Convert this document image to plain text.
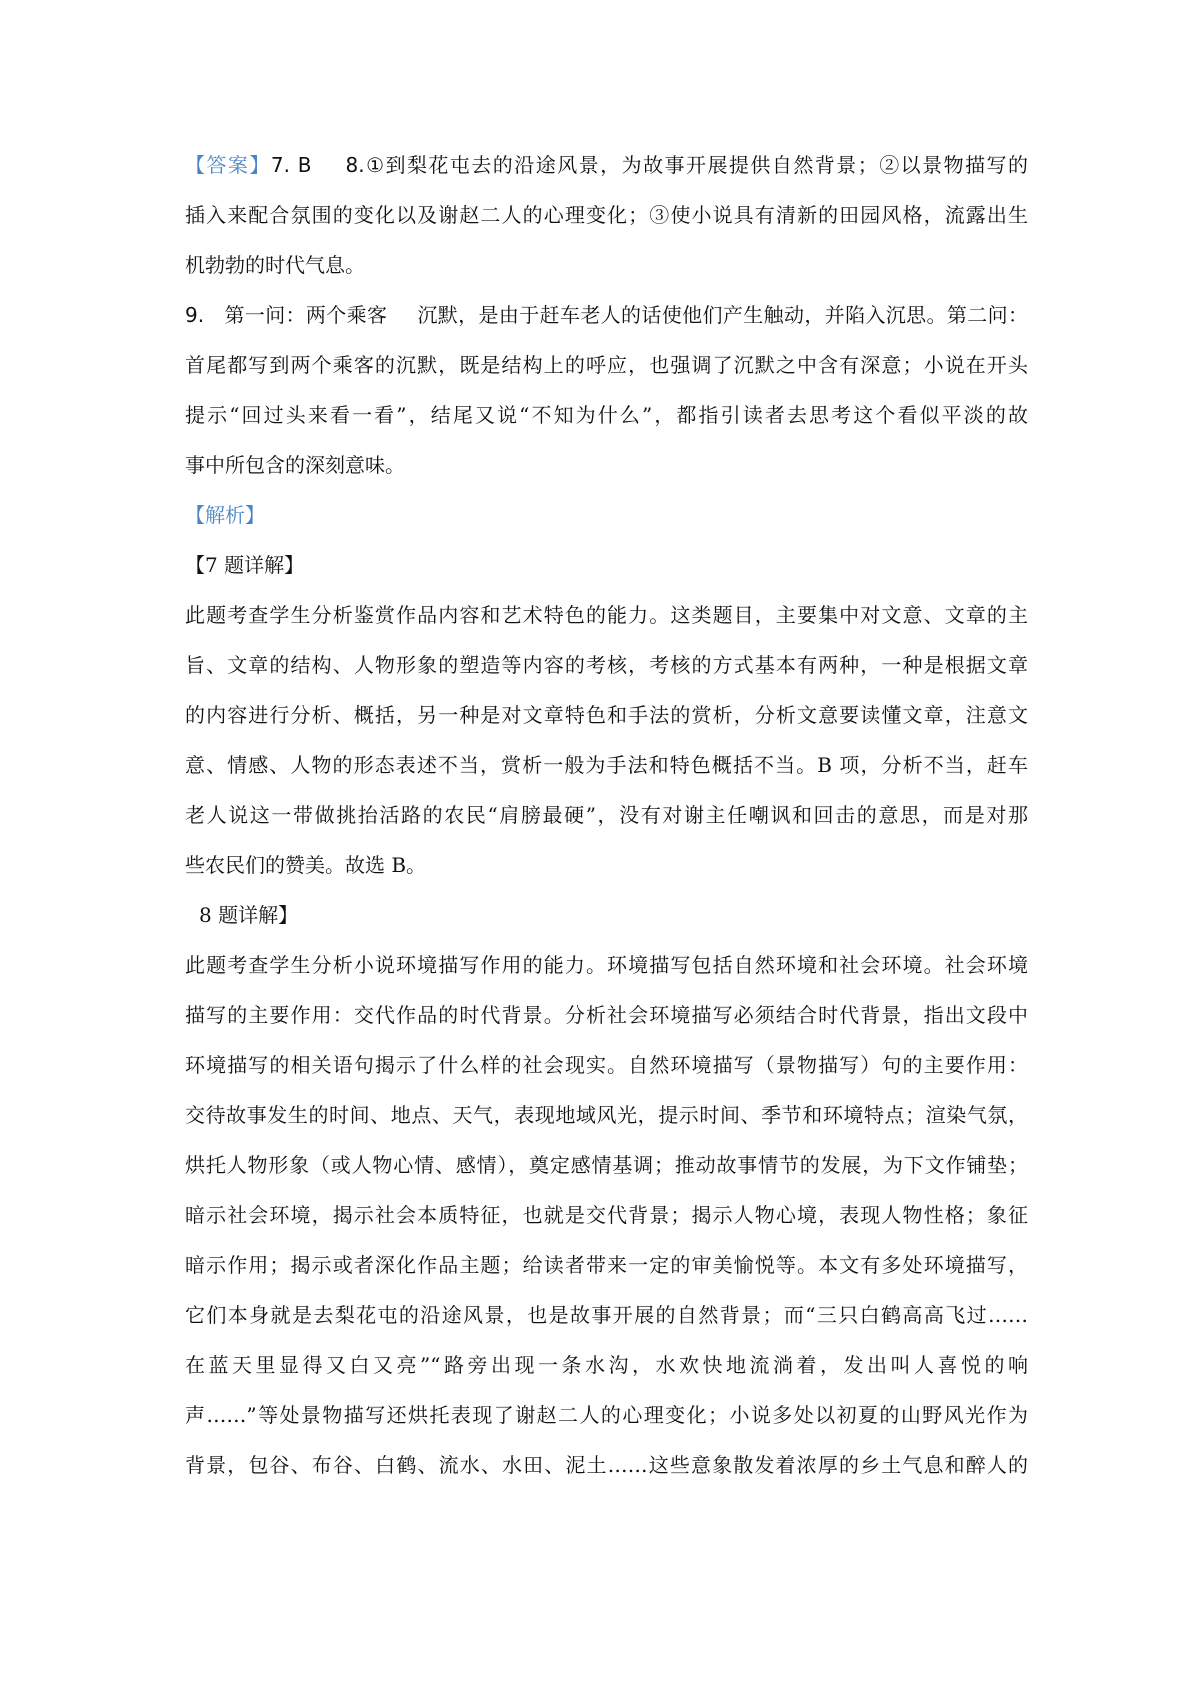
【答案】7. B 8.①到梨花屯去的沿途风景，为故事开展提供自然背景；②以景物描写的
插入来配合氛围的变化以及谢赵二人的心理变化；③使小说具有清新的田园风格，流露出生
机勃勃的时代气息。
9. 第一问：两个乘客 沉默，是由于赶车老人的话使他们产生触动，并陷入沉思。第二问：
首尾都写到两个乘客的沉默，既是结构上的呼应，也强调了沉默之中含有深意；小说在开头
提示“回过头来看一看”，结尾又说“不知为什么”，都指引读者去思考这个看似平淡的故
事中所包含的深刻意味。
【解析】
【7 题详解】
此题考查学生分析鉴赏作品内容和艺术特色的能力。这类题目，主要集中对文意、文章的主
旨、文章的结构、人物形象的塑造等内容的考核，考核的方式基本有两种，一种是根据文章
的内容进行分析、概括，另一种是对文章特色和手法的赏析，分析文意要读懂文章，注意文
意、情感、人物的形态表述不当，赏析一般为手法和特色概括不当。B 项，分析不当，赶车
老人说这一带做挑抬活路的农民“肩膀最硬”，没有对谢主任嘲讽和回击的意思，而是对那
些农民们的赞美。故选 B。
8 题详解】
此题考查学生分析小说环境描写作用的能力。环境描写包括自然环境和社会环境。社会环境
描写的主要作用：交代作品的时代背景。分析社会环境描写必须结合时代背景，指出文段中
环境描写的相关语句揭示了什么样的社会现实。自然环境描写（景物描写）句的主要作用：
交待故事发生的时间、地点、天气，表现地域风光，提示时间、季节和环境特点；渲染气氛，
烘托人物形象（或人物心情、感情），奠定感情基调；推动故事情节的发展，为下文作铺垫；
暗示社会环境，揭示社会本质特征，也就是交代背景；揭示人物心境，表现人物性格；象征
暗示作用；揭示或者深化作品主题；给读者带来一定的审美愉悦等。本文有多处环境描写，
它们本身就是去梨花屯的沿途风景，也是故事开展的自然背景；而“三只白鹤高高飞过……
在蓝天里显得又白又亮”“路旁出现一条水沟，水欢快地流淌着，发出叫人喜悦的响
声……”等处景物描写还烘托表现了谢赵二人的心理变化；小说多处以初夏的山野风光作为
背景，包谷、布谷、白鹤、流水、水田、泥土……这些意象散发着浓厚的乡土气息和醉人的
